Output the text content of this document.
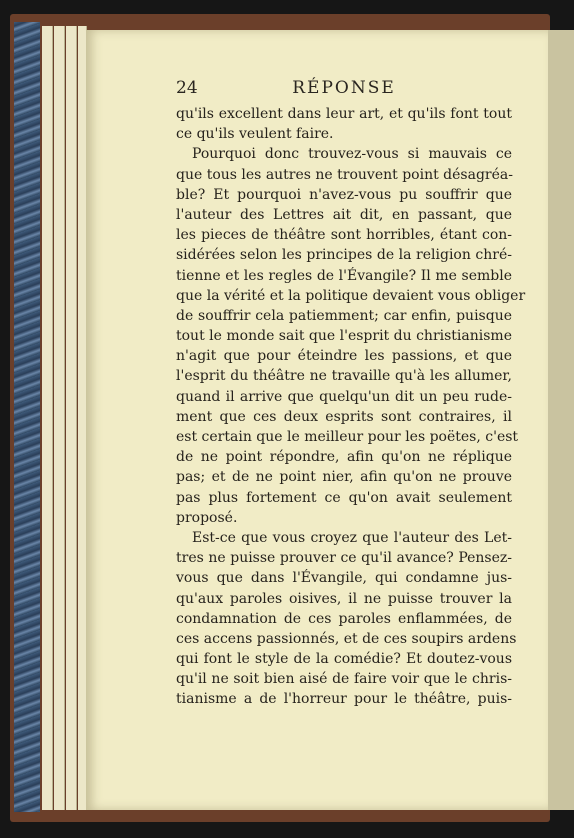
24	RÉPONSE
qu'ils excellent dans leur art, et qu'ils font tout
ce qu'ils veulent faire.
Pourquoi donc trouvez-vous si mauvais ce
que tous les autres ne trouvent point désagréa-
ble? Et pourquoi n'avez-vous pu souffrir que
l'auteur des Lettres ait dit, en passant, que
les pieces de théâtre sont horribles, étant con-
sidérées selon les principes de la religion chré-
tienne et les regles de l'Évangile? Il me semble
que la vérité et la politique devaient vous obliger
de souffrir cela patiemment; car enfin, puisque
tout le monde sait que l'esprit du christianisme
n'agit que pour éteindre les passions, et que
l'esprit du théâtre ne travaille qu'à les allumer,
quand il arrive que quelqu'un dit un peu rude-
ment que ces deux esprits sont contraires, il
est certain que le meilleur pour les poëtes, c'est
de ne point répondre, afin qu'on ne réplique
pas; et de ne point nier, afin qu'on ne prouve
pas plus fortement ce qu'on avait seulement
proposé.
Est-ce que vous croyez que l'auteur des Let-
tres ne puisse prouver ce qu'il avance? Pensez-
vous que dans l'Évangile, qui condamne jus-
qu'aux paroles oisives, il ne puisse trouver la
condamnation de ces paroles enflammées, de
ces accens passionnés, et de ces soupirs ardens
qui font le style de la comédie? Et doutez-vous
qu'il ne soit bien aisé de faire voir que le chris-
tianisme a de l'horreur pour le théâtre, puis-
